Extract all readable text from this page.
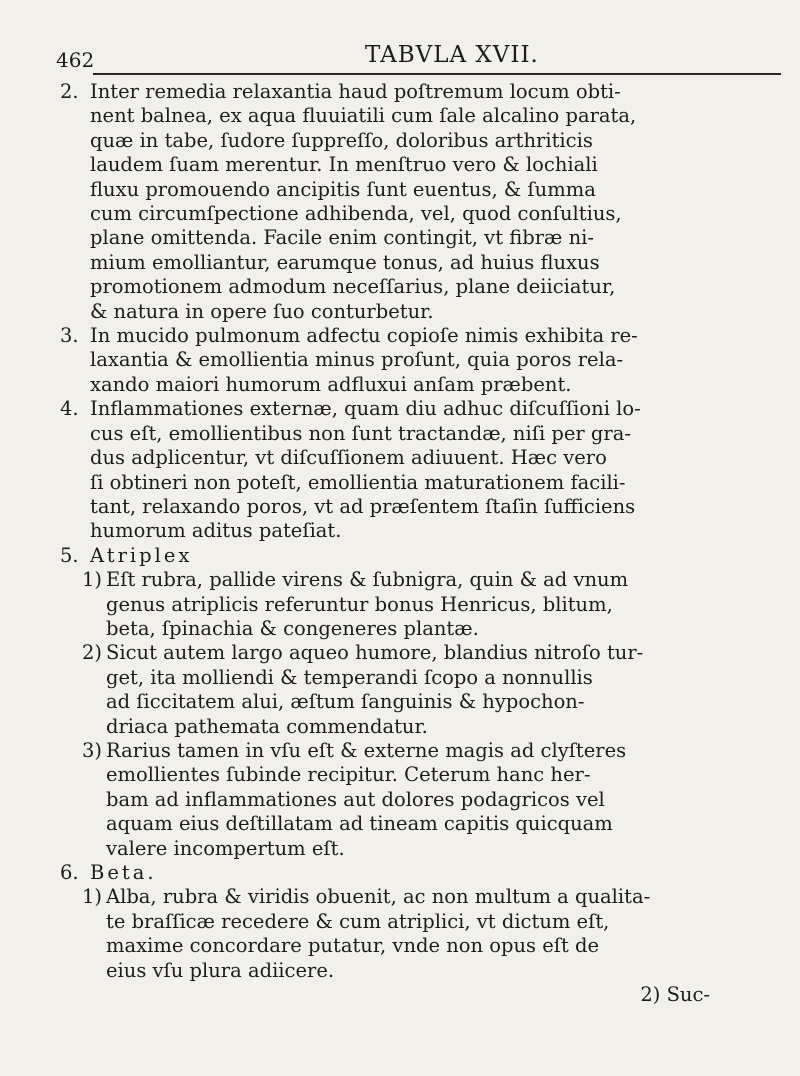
462	TABVLA XVII.
2. Inter remedia relaxantia haud poſtremum locum obti-
nent balnea, ex aqua fluuiatili cum ſale alcalino parata,
quæ in tabe, ſudore ſuppreſſo, doloribus arthriticis
laudem ſuam merentur. In menſtruo vero & lochiali
fluxu promouendo ancipitis ſunt euentus, & ſumma
cum circumſpectione adhibenda, vel, quod conſultius,
plane omittenda. Facile enim contingit, vt fibræ ni-
mium emolliantur, earumque tonus, ad huius fluxus
promotionem admodum neceſſarius, plane deiiciatur,
& natura in opere ſuo conturbetur.
3. In mucido pulmonum adfectu copioſe nimis exhibita re-
laxantia & emollientia minus proſunt, quia poros rela-
xando maiori humorum adfluxui anſam præbent.
4. Inflammationes externæ, quam diu adhuc diſcuſſioni lo-
cus eſt, emollientibus non ſunt tractandæ, niſi per gra-
dus adplicentur, vt diſcuſſionem adiuuent. Hæc vero
ſi obtineri non poteſt, emollientia maturationem facili-
tant, relaxando poros, vt ad præſentem ſtaſin ſufficiens
humorum aditus pateſiat.
5. Atriplex
1) Eſt rubra, pallide virens & ſubnigra, quin & ad vnum
genus atriplicis referuntur bonus Henricus, blitum,
beta, ſpinachia & congeneres plantæ.
2) Sicut autem largo aqueo humore, blandius nitroſo tur-
get, ita molliendi & temperandi ſcopo a nonnullis
ad ſiccitatem alui, æſtum ſanguinis & hypochon-
driaca pathemata commendatur.
3) Rarius tamen in vſu eſt & externe magis ad clyſteres
emollientes ſubinde recipitur. Ceterum hanc her-
bam ad inflammationes aut dolores podagricos vel
aquam eius deſtillatam ad tineam capitis quicquam
valere incompertum eſt.
6. Beta.
1) Alba, rubra & viridis obuenit, ac non multum a qualita-
te braſſicæ recedere & cum atriplici, vt dictum eſt,
maxime concordare putatur, vnde non opus eſt de
eius vſu plura adiicere.
2) Suc-
